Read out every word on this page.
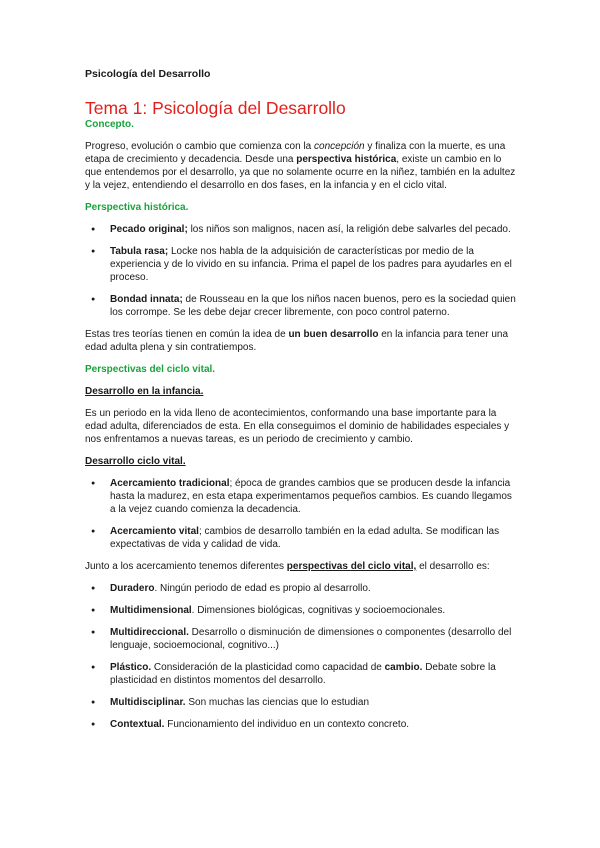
Psicología del Desarrollo
Tema 1: Psicología del Desarrollo
Concepto.

Progreso, evolución o cambio que comienza con la concepción y finaliza con la muerte, es una etapa de crecimiento y decadencia. Desde una perspectiva histórica, existe un cambio en lo que entendemos por el desarrollo, ya que no solamente ocurre en la niñez, también en la adultez y la vejez, entendiendo el desarrollo en dos fases, en la infancia y en el ciclo vital.

Perspectiva histórica.
● Pecado original; los niños son malignos, nacen así, la religión debe salvarles del pecado.
● Tabula rasa; Locke nos habla de la adquisición de características por medio de la experiencia y de lo vivido en su infancia. Prima el papel de los padres para ayudarles en el proceso.
● Bondad innata; de Rousseau en la que los niños nacen buenos, pero es la sociedad quien los corrompe. Se les debe dejar crecer libremente, con poco control paterno.

Estas tres teorías tienen en común la idea de un buen desarrollo en la infancia para tener una edad adulta plena y sin contratiempos.

Perspectivas del ciclo vital.
Desarrollo en la infancia.

Es un periodo en la vida lleno de acontecimientos, conformando una base importante para la edad adulta, diferenciados de esta. En ella conseguimos el dominio de habilidades especiales y nos enfrentamos a nuevas tareas, es un periodo de crecimiento y cambio.

Desarrollo ciclo vital.
● Acercamiento tradicional; época de grandes cambios que se producen desde la infancia hasta la madurez, en esta etapa experimentamos pequeños cambios. Es cuando llegamos a la vejez cuando comienza la decadencia.
● Acercamiento vital; cambios de desarrollo también en la edad adulta. Se modifican las expectativas de vida y calidad de vida.

Junto a los acercamiento tenemos diferentes perspectivas del ciclo vital, el desarrollo es:

● Duradero. Ningún periodo de edad es propio al desarrollo.
● Multidimensional. Dimensiones biológicas, cognitivas y socioemocionales.
● Multidireccional. Desarrollo o disminución de dimensiones o componentes (desarrollo del lenguaje, socioemocional, cognitivo...)
● Plástico. Consideración de la plasticidad como capacidad de cambio. Debate sobre la plasticidad en distintos momentos del desarrollo.
● Multidisciplinar. Son muchas las ciencias que lo estudian
● Contextual. Funcionamiento del individuo en un contexto concreto.
